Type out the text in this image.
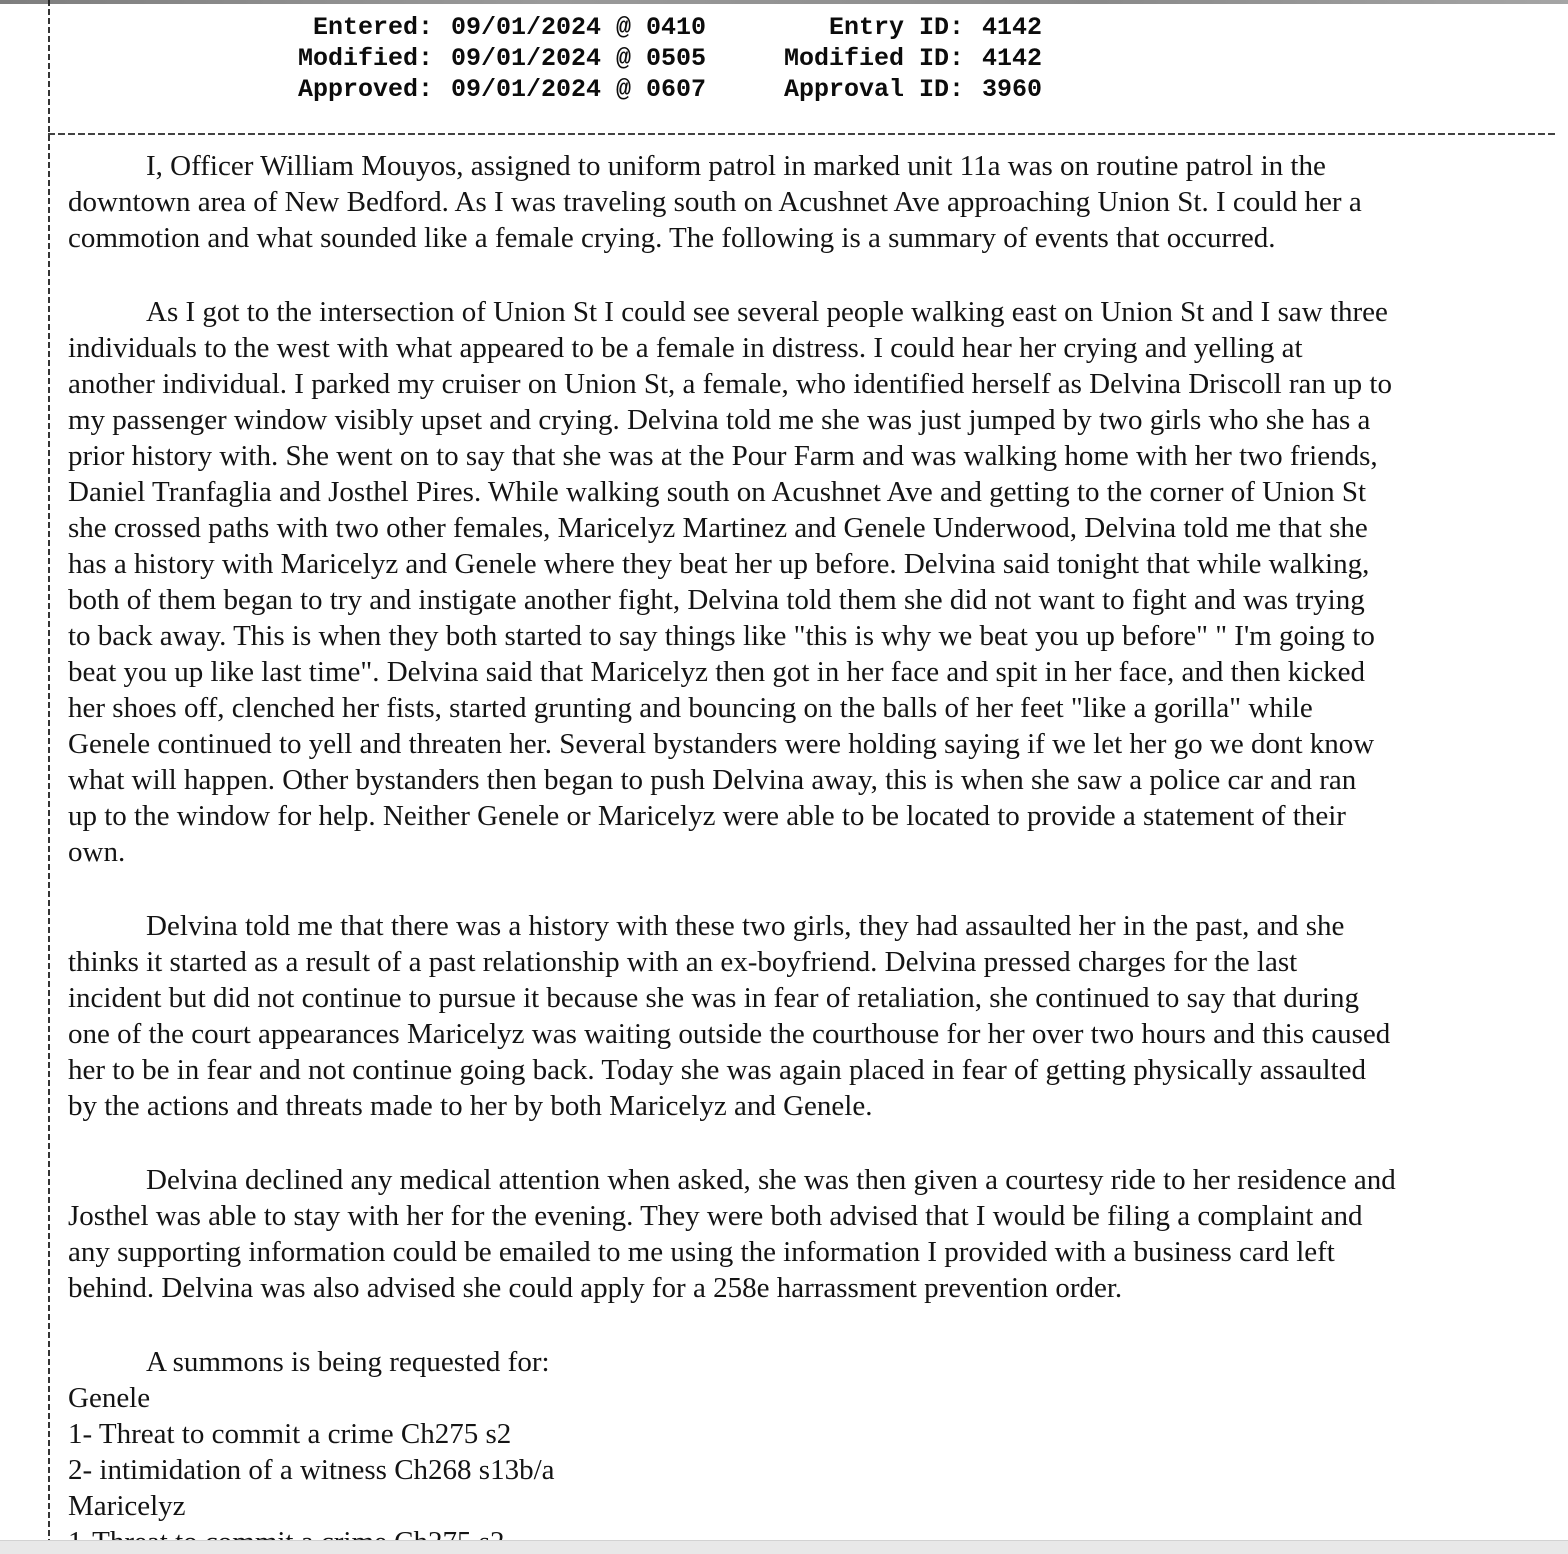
Entered: 09/01/2024 @ 0410	Entry ID: 4142
Modified: 09/01/2024 @ 0505	Modified ID: 4142
Approved: 09/01/2024 @ 0607	Approval ID: 3960
I, Officer William Mouyos, assigned to uniform patrol in marked unit 11a was on routine patrol in the
downtown area of New Bedford. As I was traveling south on Acushnet Ave approaching Union St. I could her a
commotion and what sounded like a female crying. The following is a summary of events that occurred.
As I got to the intersection of Union St I could see several people walking east on Union St and I saw three
individuals to the west with what appeared to be a female in distress. I could hear her crying and yelling at
another individual. I parked my cruiser on Union St, a female, who identified herself as Delvina Driscoll ran up to
my passenger window visibly upset and crying. Delvina told me she was just jumped by two girls who she has a
prior history with. She went on to say that she was at the Pour Farm and was walking home with her two friends,
Daniel Tranfaglia and Josthel Pires. While walking south on Acushnet Ave and getting to the corner of Union St
she crossed paths with two other females, Maricelyz Martinez and Genele Underwood, Delvina told me that she
has a history with Maricelyz and Genele where they beat her up before. Delvina said tonight that while walking,
both of them began to try and instigate another fight, Delvina told them she did not want to fight and was trying
to back away. This is when they both started to say things like "this is why we beat you up before" " I'm going to
beat you up like last time". Delvina said that Maricelyz then got in her face and spit in her face, and then kicked
her shoes off, clenched her fists, started grunting and bouncing on the balls of her feet "like a gorilla" while
Genele continued to yell and threaten her. Several bystanders were holding saying if we let her go we dont know
what will happen. Other bystanders then began to push Delvina away, this is when she saw a police car and ran
up to the window for help. Neither Genele or Maricelyz were able to be located to provide a statement of their
own.
Delvina told me that there was a history with these two girls, they had assaulted her in the past, and she
thinks it started as a result of a past relationship with an ex-boyfriend. Delvina pressed charges for the last
incident but did not continue to pursue it because she was in fear of retaliation, she continued to say that during
one of the court appearances Maricelyz was waiting outside the courthouse for her over two hours and this caused
her to be in fear and not continue going back. Today she was again placed in fear of getting physically assaulted
by the actions and threats made to her by both Maricelyz and Genele.
Delvina declined any medical attention when asked, she was then given a courtesy ride to her residence and
Josthel was able to stay with her for the evening. They were both advised that I would be filing a complaint and
any supporting information could be emailed to me using the information I provided with a business card left
behind. Delvina was also advised she could apply for a 258e harrassment prevention order.
A summons is being requested for:
Genele
1- Threat to commit a crime Ch275 s2
2- intimidation of a witness Ch268 s13b/a
Maricelyz
